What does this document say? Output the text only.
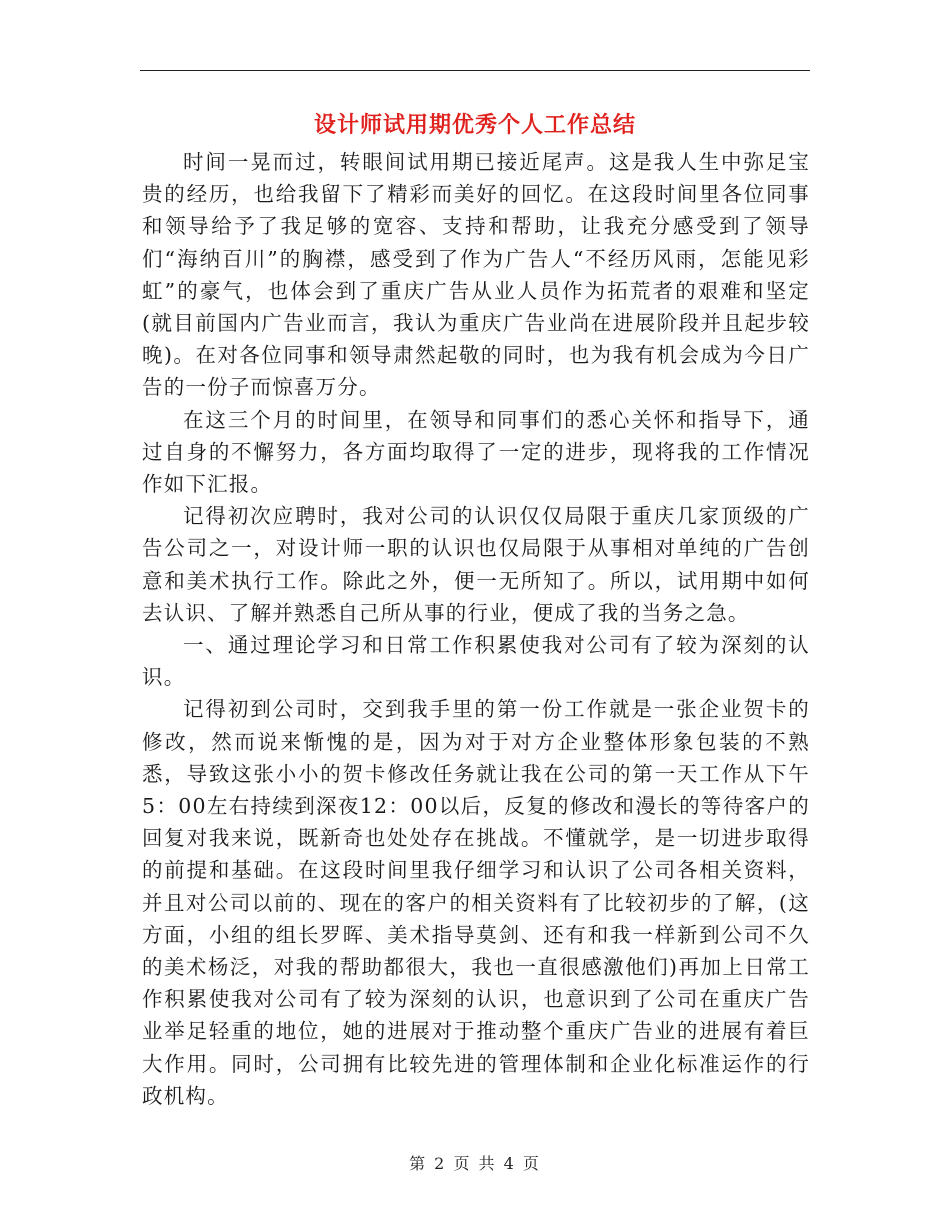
设计师试用期优秀个人工作总结

时间一晃而过，转眼间试用期已接近尾声。这是我人生中弥足宝贵的经历，也给我留下了精彩而美好的回忆。在这段时间里各位同事和领导给予了我足够的宽容、支持和帮助，让我充分感受到了领导们“海纳百川”的胸襟，感受到了作为广告人“不经历风雨，怎能见彩虹”的豪气，也体会到了重庆广告从业人员作为拓荒者的艰难和坚定(就目前国内广告业而言，我认为重庆广告业尚在进展阶段并且起步较晚)。在对各位同事和领导肃然起敬的同时，也为我有机会成为今日广告的一份子而惊喜万分。

在这三个月的时间里，在领导和同事们的悉心关怀和指导下，通过自身的不懈努力，各方面均取得了一定的进步，现将我的工作情况作如下汇报。

记得初次应聘时，我对公司的认识仅仅局限于重庆几家顶级的广告公司之一，对设计师一职的认识也仅局限于从事相对单纯的广告创意和美术执行工作。除此之外，便一无所知了。所以，试用期中如何去认识、了解并熟悉自己所从事的行业，便成了我的当务之急。

一、通过理论学习和日常工作积累使我对公司有了较为深刻的认识。

记得初到公司时，交到我手里的第一份工作就是一张企业贺卡的修改，然而说来惭愧的是，因为对于对方企业整体形象包装的不熟悉，导致这张小小的贺卡修改任务就让我在公司的第一天工作从下午5：00左右持续到深夜12：00以后，反复的修改和漫长的等待客户的回复对我来说，既新奇也处处存在挑战。不懂就学，是一切进步取得的前提和基础。在这段时间里我仔细学习和认识了公司各相关资料，并且对公司以前的、现在的客户的相关资料有了比较初步的了解，(这方面，小组的组长罗晖、美术指导莫剑、还有和我一样新到公司不久的美术杨泛，对我的帮助都很大，我也一直很感激他们)再加上日常工作积累使我对公司有了较为深刻的认识，也意识到了公司在重庆广告业举足轻重的地位，她的进展对于推动整个重庆广告业的进展有着巨大作用。同时，公司拥有比较先进的管理体制和企业化标准运作的行政机构。

第 2 页 共 4 页
